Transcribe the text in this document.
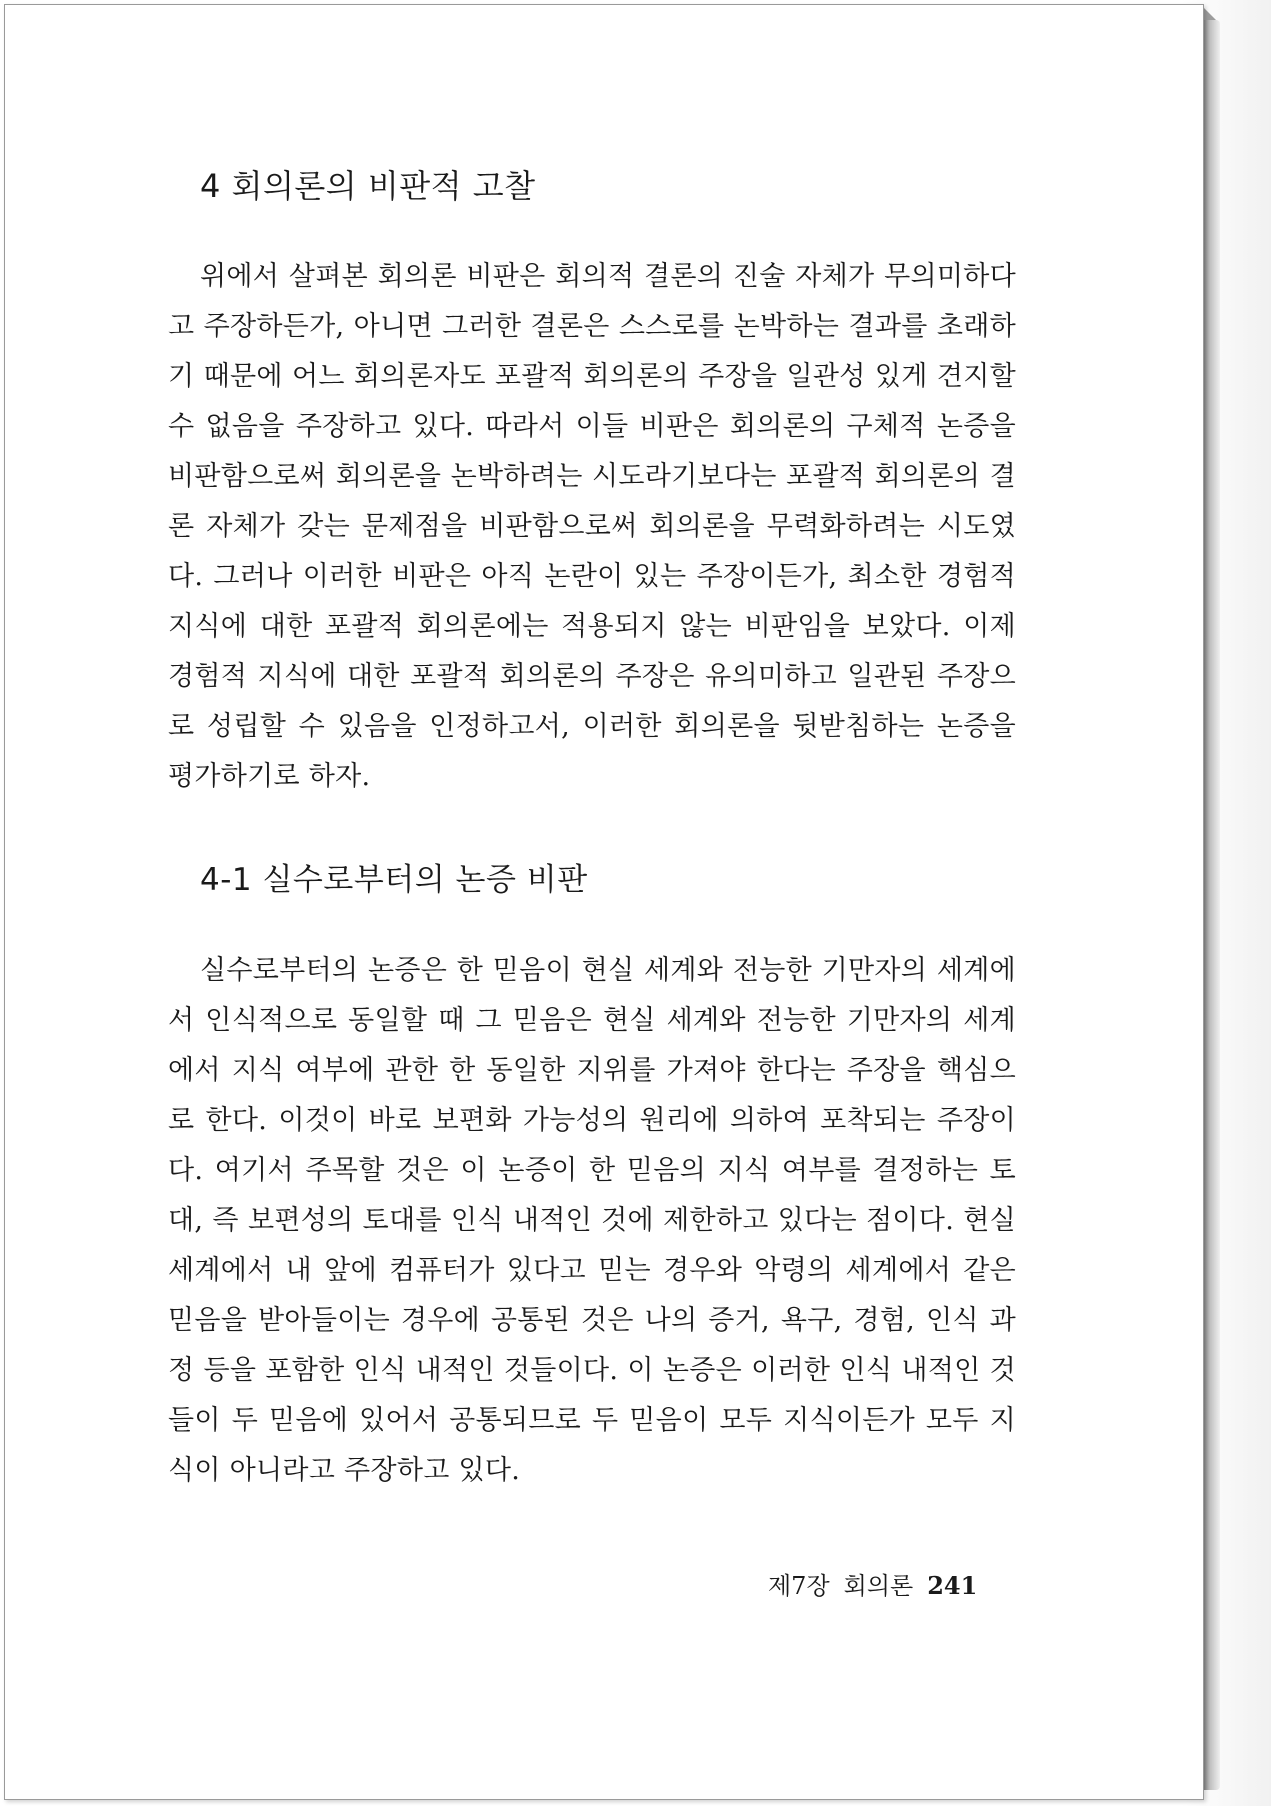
4 회의론의 비판적 고찰

위에서 살펴본 회의론 비판은 회의적 결론의 진술 자체가 무의미하다고 주장하든가, 아니면 그러한 결론은 스스로를 논박하는 결과를 초래하기 때문에 어느 회의론자도 포괄적 회의론의 주장을 일관성 있게 견지할 수 없음을 주장하고 있다. 따라서 이들 비판은 회의론의 구체적 논증을 비판함으로써 회의론을 논박하려는 시도라기보다는 포괄적 회의론의 결론 자체가 갖는 문제점을 비판함으로써 회의론을 무력화하려는 시도였다. 그러나 이러한 비판은 아직 논란이 있는 주장이든가, 최소한 경험적 지식에 대한 포괄적 회의론에는 적용되지 않는 비판임을 보았다. 이제 경험적 지식에 대한 포괄적 회의론의 주장은 유의미하고 일관된 주장으로 성립할 수 있음을 인정하고서, 이러한 회의론을 뒷받침하는 논증을 평가하기로 하자.

4-1 실수로부터의 논증 비판

실수로부터의 논증은 한 믿음이 현실 세계와 전능한 기만자의 세계에서 인식적으로 동일할 때 그 믿음은 현실 세계와 전능한 기만자의 세계에서 지식 여부에 관한 한 동일한 지위를 가져야 한다는 주장을 핵심으로 한다. 이것이 바로 보편화 가능성의 원리에 의하여 포착되는 주장이다. 여기서 주목할 것은 이 논증이 한 믿음의 지식 여부를 결정하는 토대, 즉 보편성의 토대를 인식 내적인 것에 제한하고 있다는 점이다. 현실 세계에서 내 앞에 컴퓨터가 있다고 믿는 경우와 악령의 세계에서 같은 믿음을 받아들이는 경우에 공통된 것은 나의 증거, 욕구, 경험, 인식 과정 등을 포함한 인식 내적인 것들이다. 이 논증은 이러한 인식 내적인 것들이 두 믿음에 있어서 공통되므로 두 믿음이 모두 지식이든가 모두 지식이 아니라고 주장하고 있다.

제7장 회의론 241
